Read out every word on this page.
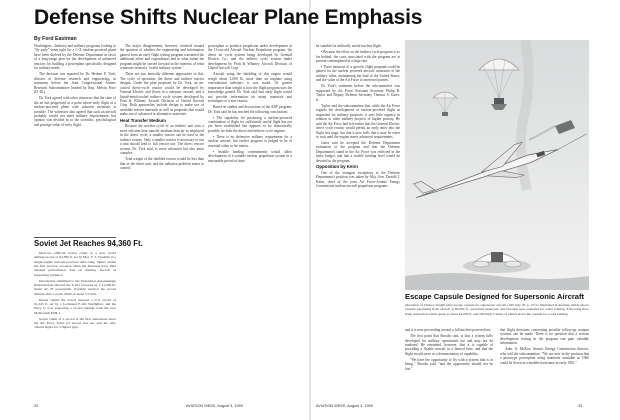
Defense Shifts Nuclear Plane Emphasis
By Ford Eastman

Washington—Industry and military programs looking to "fly early" seem right for a C-X nuclear-powered plane have been shelved by the Defense Department in favor of a long-range plan for the development of advanced reactors for building a powerplant specifically designed for military needs.

The decision was reported by Dr. Herbert F. York, director of defense research and engineering, in testimony before the Joint Congressional Atomic Research Subcommittee headed by Rep. Melvin Price (D.-Ill.).

Dr. York agreed with other witnesses that the state of the art has progressed to a point where early flight of a nuclear-powered plane with subsonic materials is possible. The witnesses also agreed that such an aircraft probably would not meet military requirements, but opinion was divided as to the scientific, psychological and prestige value of early flight.

Soviet Jet Reaches 94,360 Ft.

Moscow—Official Soviet claim of a new world altitude record of 94,360 ft. set by Maj. V. S. Ilyushin in a single-engine turbojet-powered delta-wing fighter marks the first postwar occasion when the Russians have filed detailed performance data on military aircraft as supporting evidence.

Description submitted to the Federation Aeronautique Internationale showed the T-431 powered by a 21,050-lb. thrust AL-7F powerplant. Ilyushin reached the record altitude after a zoom climb of about 5.5 min.

Russia claims the record bettered a U.S. record of 91,243 ft. set by a Lockheed F-104 Starfighter, and the Navy is now preparing a record attempt with the new McDonnell F4H-1.

Soviet claim of a record is the first announced since the Air Force Sabre jet record was set, and the only official figure for a fighter type.

The major disagreement, however, centered around the question of whether the engineering and information gained from an early flight testing program warranted the additional effort and expenditures and to what extent the program might be carried forward in the interests of what witnesses termed a "useful military system."

There are two basically different approaches to this. The cycle of operation: the direct and indirect reactor designs. Under the plan proposed by Dr. York, an air-cooled direct-cycle reactor would be developed by General Electric and flown in a subsonic aircraft, and a liquid-metal-cooled indirect cycle system developed by Pratt & Whitney Aircraft Division of United Aircraft Corp. Both approaches include design to make use of available reactor materials as well as proposals that would make use of advanced or alternative materials.

Heat Transfer Medium

Because the nuclear cycle of an indirect unit uses a more efficient heat transfer medium than air as employed in the direct cycle, a smaller reactor can be used in the indirect system. Only a smaller reactor is necessary to run a unit should lead to full reactor use. The direct reactor system, Dr. York said, is more advanced but also more complex.

Total weight of the shielded reactor would be less than that of the direct unit, and the radiation problem easier to control.

powerplant to produce propulsion under development at the 11-ton-old Aircraft Nuclear Propulsion program; the direct air cycle system being developed by General Electric Co., and the indirect cycle system under development by Pratt & Whitney Aircraft Division of United Aircraft Corp.

Aircraft using the shielding of this engine would weigh about 3,000 lb. more than an airplane using conventional turbojets, it was stated. Of greater importance than weight is how the flight program uses the knowledge gained. Dr. York said that early flight would not provide information on many materials and techniques of a new reactor.

Based on studies and discussions of the ANP program, Dr. York said he has reached the following conclusions:

• The capability for producing a nuclear-powered combination of flight for sufficiently useful flight has not yet been established but appears to be theoretically possible for both the direct and indirect cycle engines.

• There is no defensive military requirement for a nuclear aircraft; but further progress is judged to be of essential value to the nation.

• Sizable funding commitments would allow development of a suitable nuclear propulsion system in a reasonable period of time.

be suitable for militarily useful nuclear flight.

• Because the effort on the indirect cycle program is so far behind, the costs associated with the program are at present contemplated at a large rate.

• Three missions of a specific flight program could be gained for the nuclear powered aircraft: assurance of the military value, maintaining the lead of the United States, and the value of the Air Force to interested parties.

Dr. York's statement before the subcommittee was supported by Air Force Assistant Secretary Philip B. Taylor and Deputy Defense Secretary Thomas S. Gates, Jr.

Taylor said the subcommittee that, while the Air Force regards the development of nuclear-powered flight as important for military purposes, it sees little urgency in relation to other military projects of higher priority. He said the Air Force had felt earlier that the General Electric direct cycle reactor would permit an early entry into the flight test stage, but that it now feels that it may be wiser to wait until the engine meets advanced requirements.

Gates said he accepted the Defense Department evaluation of the program and that the Defense Department's stand in the Air Force was reflected in the latest budget, and that a sizable funding level would be devoted to the program.

Opposition by Keirn

One of the strongest exceptions to the Defense Department's position was taken by Maj. Gen. Donald J. Keirn, chief of the joint Air Force-Atomic Energy Commission nuclear aircraft propulsion programs.

Escape Capsule Designed for Supersonic Aircraft
Operation of Chance Vought pilot escape capsule for supersonic aircraft (AW July 20, p. 27) is illustrated in drawing which shows capsule separating from aircraft at 60,000 ft., parachute deployed, and flotation gear extended for water landing. Following first-stage separation which opens at about 62,000 ft. and 500 mph. Cluster of chutes slows the capsule for a safe landing.

and it is now proceeding toward a full nuclear-powered test.

The first point that Shoults said, is that a system fully developed for military operational use and may not be tendered. He reminded, however, that it is capable of providing a flyable aircraft in a limited time, and that the flight would serve as a demonstration of capability.

"We have the opportunity to fly with a system that is in being," Shoults said, "and the opportunity should not be lost."

that flight decisions concerning possible follow-up weapon systems can be made. There is no question that a serious development testing in the program can gain valuable information.

Adm. A. McKee, Atomic Energy Commission director, who told the subcommittee: "We are now in the position that a prototype powerplant using materials available in 1960 could be flown in a modified airframe in early 1961."

32	AVIATION WEEK, August 3, 1959	AVIATION WEEK, August 3, 1959	33
